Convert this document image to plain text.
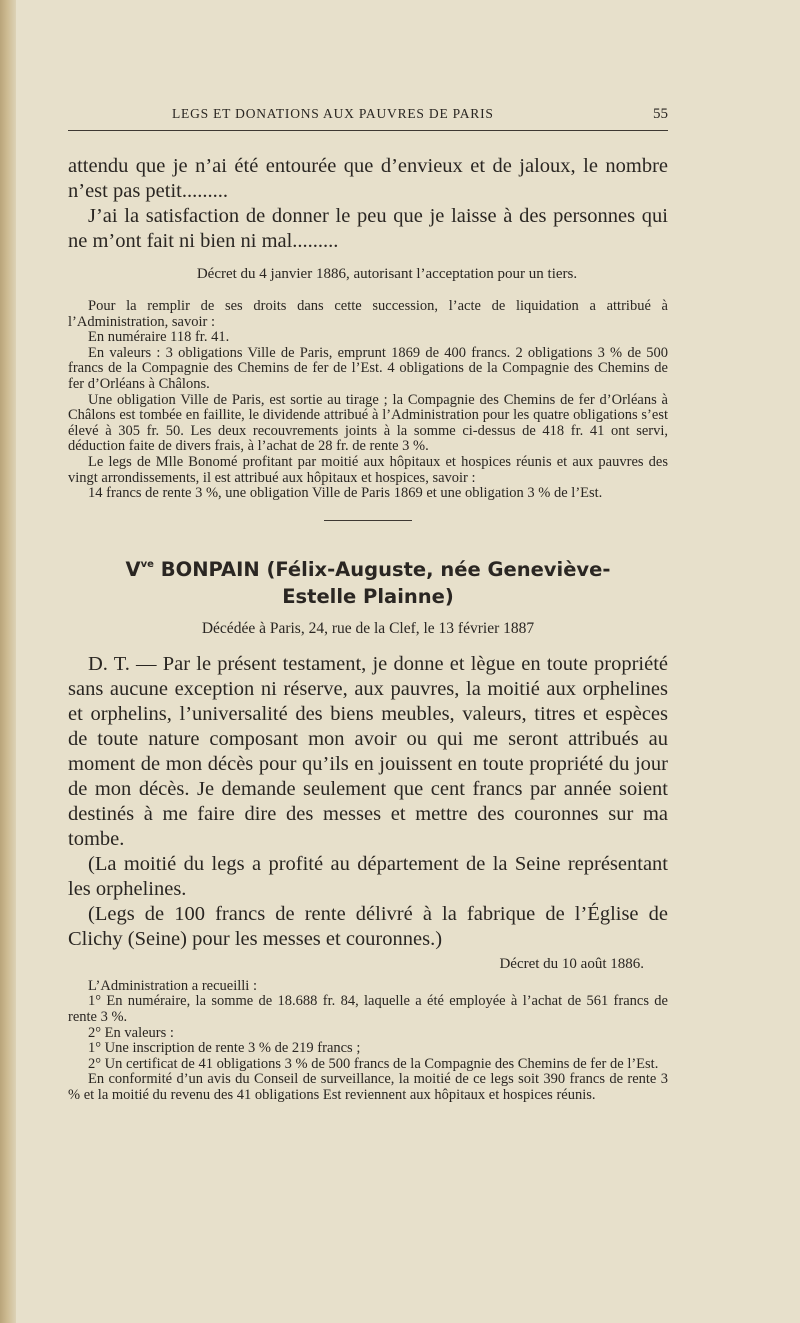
LEGS ET DONATIONS AUX PAUVRES DE PARIS	55

attendu que je n’ai été entourée que d’envieux et de jaloux, le nombre n’est pas petit.........

J’ai la satisfaction de donner le peu que je laisse à des personnes qui ne m’ont fait ni bien ni mal.........

Décret du 4 janvier 1886, autorisant l’acceptation pour un tiers.

Pour la remplir de ses droits dans cette succession, l’acte de liquidation a attribué à l’Administration, savoir :

En numéraire 118 fr. 41.

En valeurs : 3 obligations Ville de Paris, emprunt 1869 de 400 francs. 2 obligations 3 % de 500 francs de la Compagnie des Chemins de fer de l’Est. 4 obligations de la Compagnie des Chemins de fer d’Orléans à Châlons.

Une obligation Ville de Paris, est sortie au tirage ; la Compagnie des Chemins de fer d’Orléans à Châlons est tombée en faillite, le dividende attribué à l’Administration pour les quatre obligations s’est élevé à 305 fr. 50. Les deux recouvrements joints à la somme ci-dessus de 418 fr. 41 ont servi, déduction faite de divers frais, à l’achat de 28 fr. de rente 3 %.

Le legs de Mlle Bonomé profitant par moitié aux hôpitaux et hospices réunis et aux pauvres des vingt arrondissements, il est attribué aux hôpitaux et hospices, savoir :

14 francs de rente 3 %, une obligation Ville de Paris 1869 et une obligation 3 % de l’Est.

$V^{ve}$ BONPAIN (Félix-Auguste, née Geneviève-
Estelle Plainne)

Décédée à Paris, 24, rue de la Clef, le 13 février 1887

D. T. — Par le présent testament, je donne et lègue en toute propriété sans aucune exception ni réserve, aux pauvres, la moitié aux orphelines et orphelins, l’universalité des biens meubles, valeurs, titres et espèces de toute nature composant mon avoir ou qui me seront attribués au moment de mon décès pour qu’ils en jouissent en toute propriété du jour de mon décès. Je demande seulement que cent francs par année soient destinés à me faire dire des messes et mettre des couronnes sur ma tombe.

(La moitié du legs a profité au département de la Seine représentant les orphelines.

(Legs de 100 francs de rente délivré à la fabrique de l’Église de Clichy (Seine) pour les messes et couronnes.)

Décret du 10 août 1886.

L’Administration a recueilli :

1° En numéraire, la somme de 18.688 fr. 84, laquelle a été employée à l’achat de 561 francs de rente 3 %.

2° En valeurs :

1° Une inscription de rente 3 % de 219 francs ;

2° Un certificat de 41 obligations 3 % de 500 francs de la Compagnie des Chemins de fer de l’Est.

En conformité d’un avis du Conseil de surveillance, la moitié de ce legs soit 390 francs de rente 3 % et la moitié du revenu des 41 obligations Est reviennent aux hôpitaux et hospices réunis.
